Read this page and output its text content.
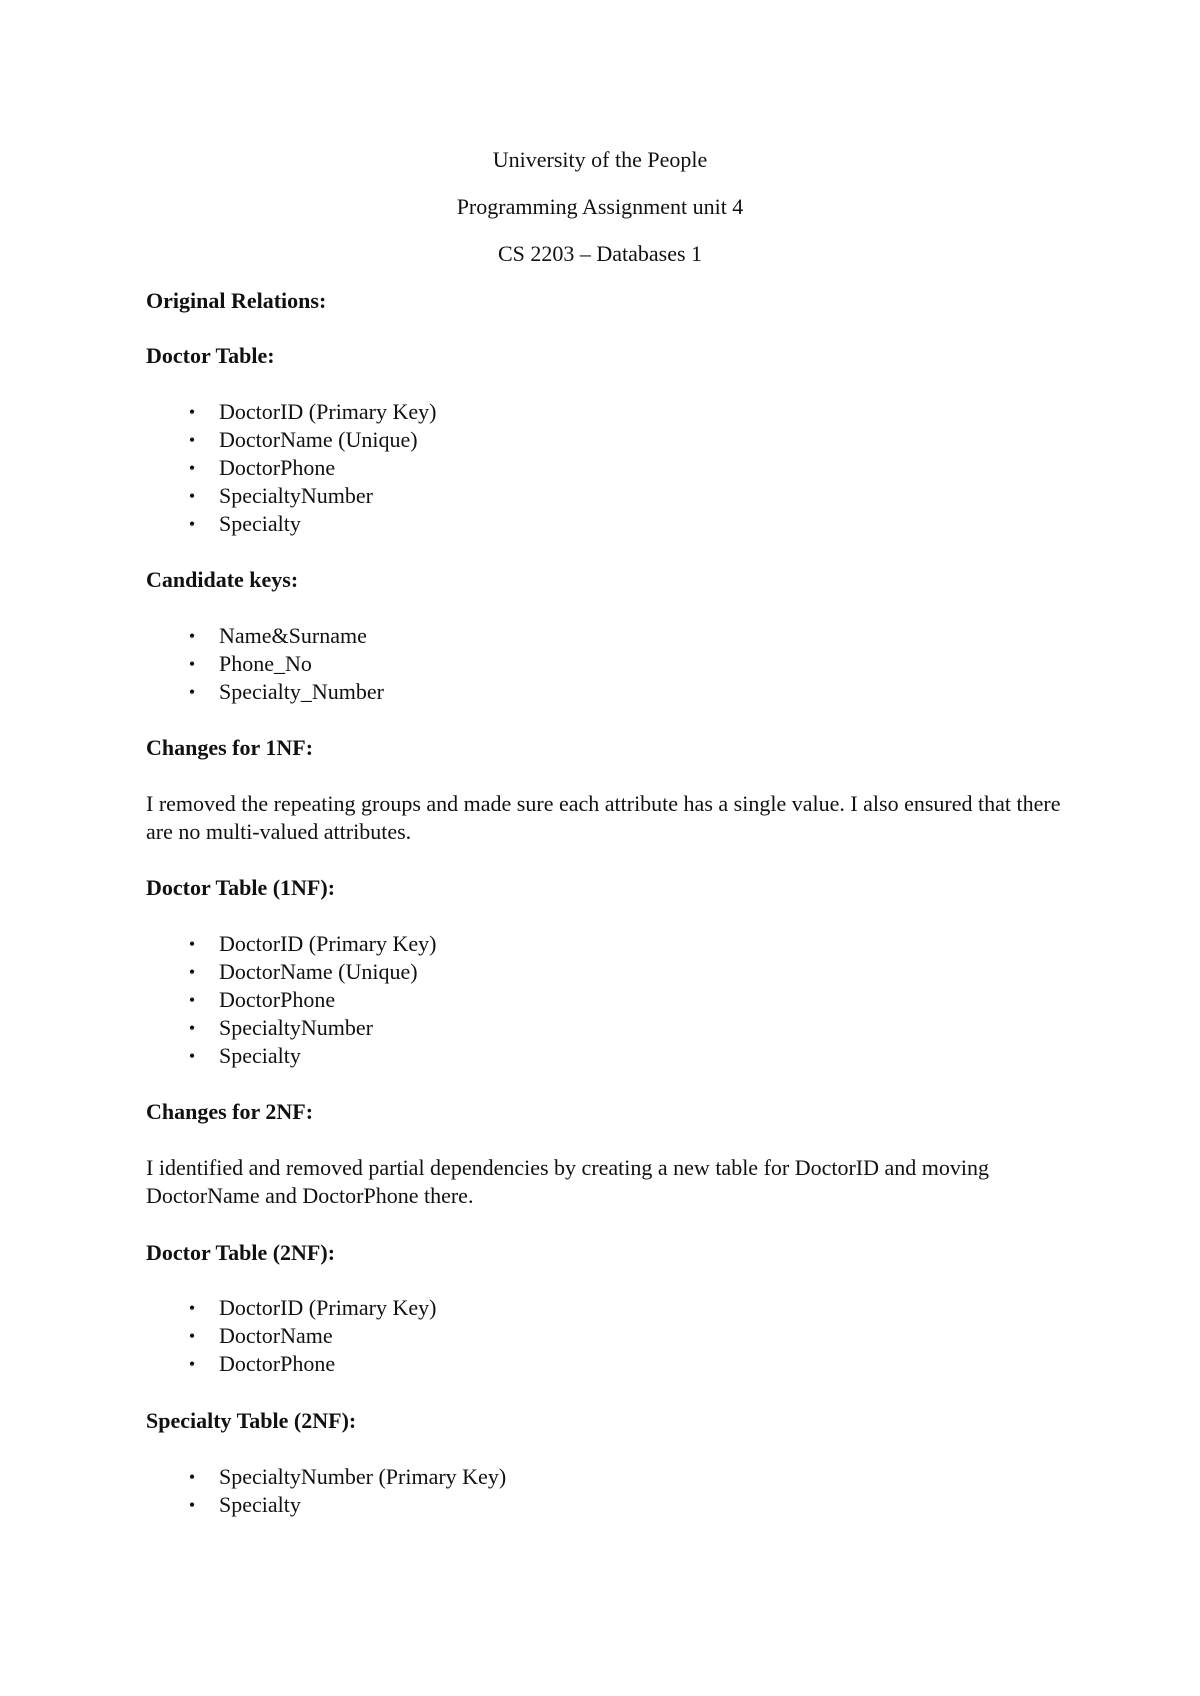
University of the People

Programming Assignment unit 4

CS 2203 – Databases 1

Original Relations:

Doctor Table:

•	DoctorID (Primary Key)
•	DoctorName (Unique)
•	DoctorPhone
•	SpecialtyNumber
•	Specialty

Candidate keys:

•	Name&Surname
•	Phone_No
•	Specialty_Number

Changes for 1NF:

I removed the repeating groups and made sure each attribute has a single value. I also ensured that there are no multi-valued attributes.

Doctor Table (1NF):

•	DoctorID (Primary Key)
•	DoctorName (Unique)
•	DoctorPhone
•	SpecialtyNumber
•	Specialty

Changes for 2NF:

I identified and removed partial dependencies by creating a new table for DoctorID and moving DoctorName and DoctorPhone there.

Doctor Table (2NF):

•	DoctorID (Primary Key)
•	DoctorName
•	DoctorPhone

Specialty Table (2NF):

•	SpecialtyNumber (Primary Key)
•	Specialty
